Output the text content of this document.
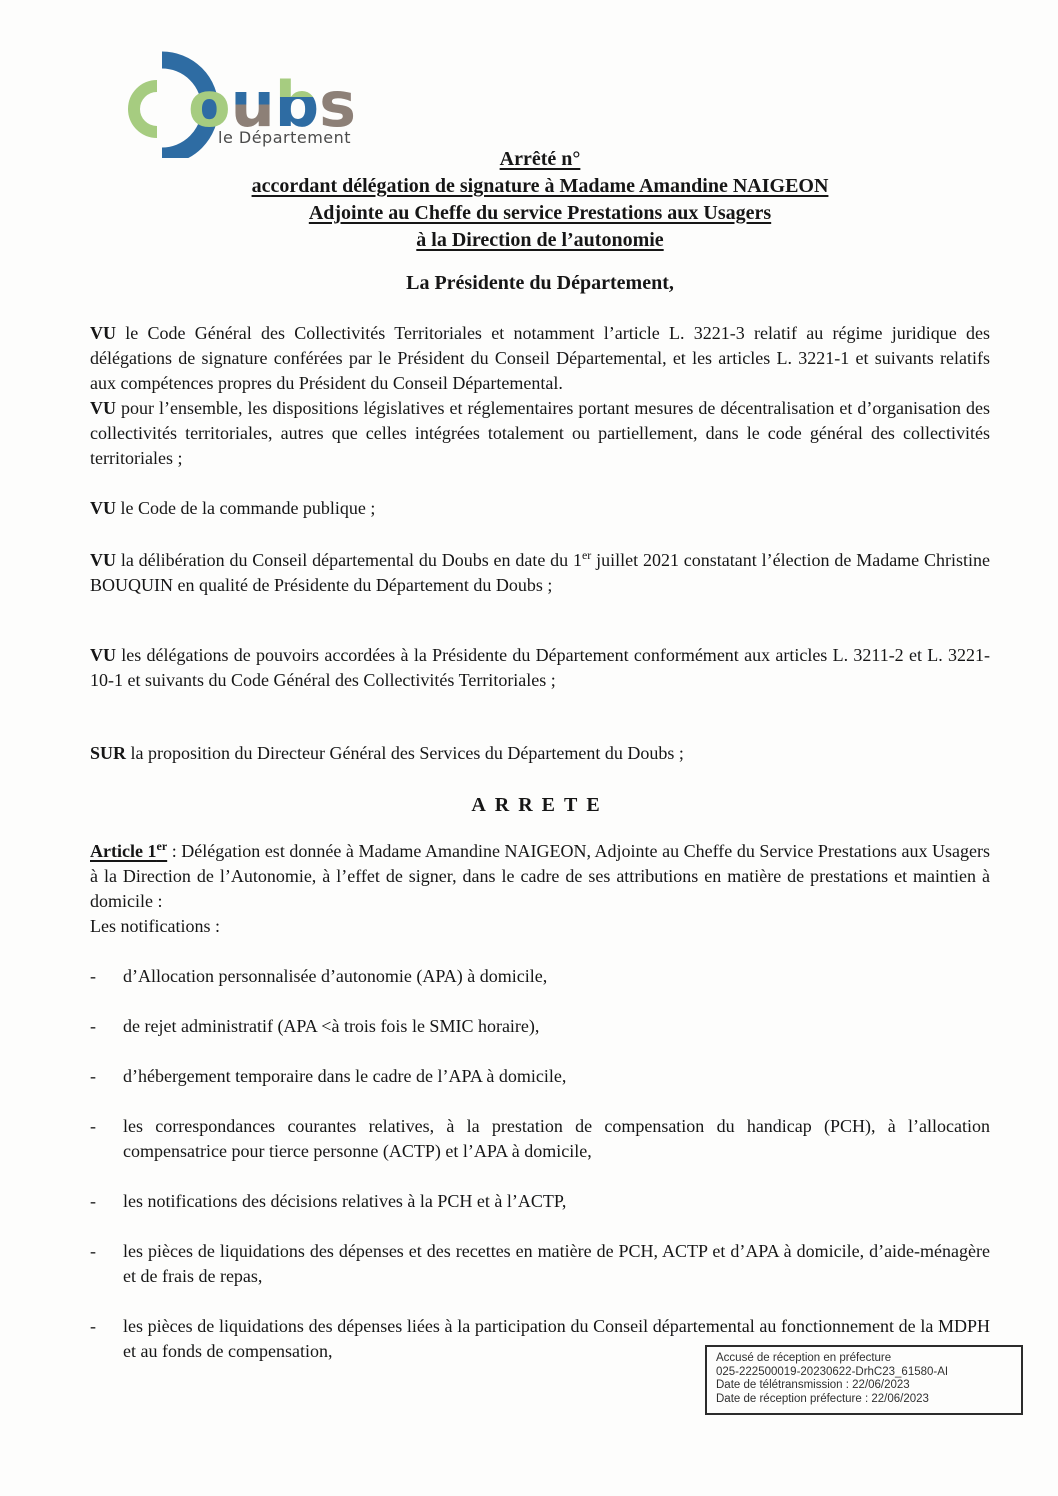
oubs
le Département
Arrêté n°
accordant délégation de signature à Madame Amandine NAIGEON
Adjointe au Cheffe du service Prestations aux Usagers
à la Direction de l’autonomie
La Présidente du Département,

VU le Code Général des Collectivités Territoriales et notamment l’article L. 3221-3 relatif au régime juridique des délégations de signature conférées par le Président du Conseil Départemental, et les articles L. 3221-1 et suivants relatifs aux compétences propres du Président du Conseil Départemental.

VU pour l’ensemble, les dispositions législatives et réglementaires portant mesures de décentralisation et d’organisation des collectivités territoriales, autres que celles intégrées totalement ou partiellement, dans le code général des collectivités territoriales ;

VU le Code de la commande publique ;

VU la délibération du Conseil départemental du Doubs en date du 1er juillet 2021 constatant l’élection de Madame Christine BOUQUIN en qualité de Présidente du Département du Doubs ;

VU les délégations de pouvoirs accordées à la Présidente du Département conformément aux articles L. 3211-2 et L. 3221-10-1 et suivants du Code Général des Collectivités Territoriales ;

SUR la proposition du Directeur Général des Services du Département du Doubs ;

ARRETE

Article 1er : Délégation est donnée à Madame Amandine NAIGEON, Adjointe au Cheffe du Service Prestations aux Usagers à la Direction de l’Autonomie, à l’effet de signer, dans le cadre de ses attributions en matière de prestations et maintien à domicile :

Les notifications :
-	d’Allocation personnalisée d’autonomie (APA) à domicile,
-	de rejet administratif (APA <à trois fois le SMIC horaire),
-	d’hébergement temporaire dans le cadre de l’APA à domicile,
-	les correspondances courantes relatives, à la prestation de compensation du handicap (PCH), à l’allocation compensatrice pour tierce personne (ACTP) et l’APA à domicile,
-	les notifications des décisions relatives à la PCH et à l’ACTP,
-	les pièces de liquidations des dépenses et des recettes en matière de PCH, ACTP et d’APA à domicile, d’aide-ménagère et de frais de repas,
-	les pièces de liquidations des dépenses liées à la participation du Conseil départemental au fonctionnement de la MDPH et au fonds de compensation,	Accusé de réception en préfecture
025-222500019-20230622-DrhC23_61580-AI
Date de télétransmission : 22/06/2023
Date de réception préfecture : 22/06/2023
